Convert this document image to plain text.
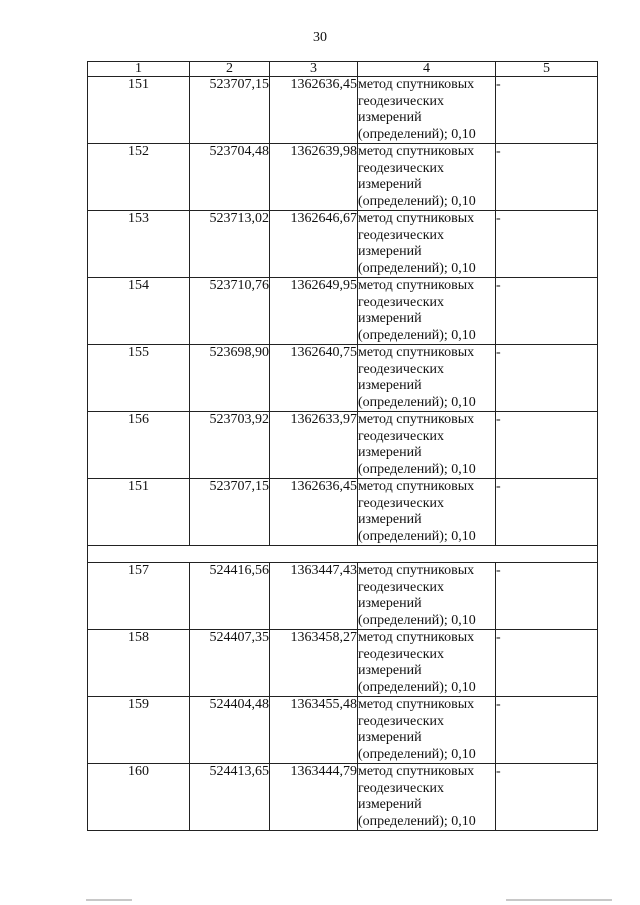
30
1	2	3	4	5
151	523707,15	1362636,45	метод спутниковых
геодезических
измерений
(определений); 0,10	-
152	523704,48	1362639,98	метод спутниковых
геодезических
измерений
(определений); 0,10	-
153	523713,02	1362646,67	метод спутниковых
геодезических
измерений
(определений); 0,10	-
154	523710,76	1362649,95	метод спутниковых
геодезических
измерений
(определений); 0,10	-
155	523698,90	1362640,75	метод спутниковых
геодезических
измерений
(определений); 0,10	-
156	523703,92	1362633,97	метод спутниковых
геодезических
измерений
(определений); 0,10	-
151	523707,15	1362636,45	метод спутниковых
геодезических
измерений
(определений); 0,10	-

157	524416,56	1363447,43	метод спутниковых
геодезических
измерений
(определений); 0,10	-
158	524407,35	1363458,27	метод спутниковых
геодезических
измерений
(определений); 0,10	-
159	524404,48	1363455,48	метод спутниковых
геодезических
измерений
(определений); 0,10	-
160	524413,65	1363444,79	метод спутниковых
геодезических
измерений
(определений); 0,10	-
